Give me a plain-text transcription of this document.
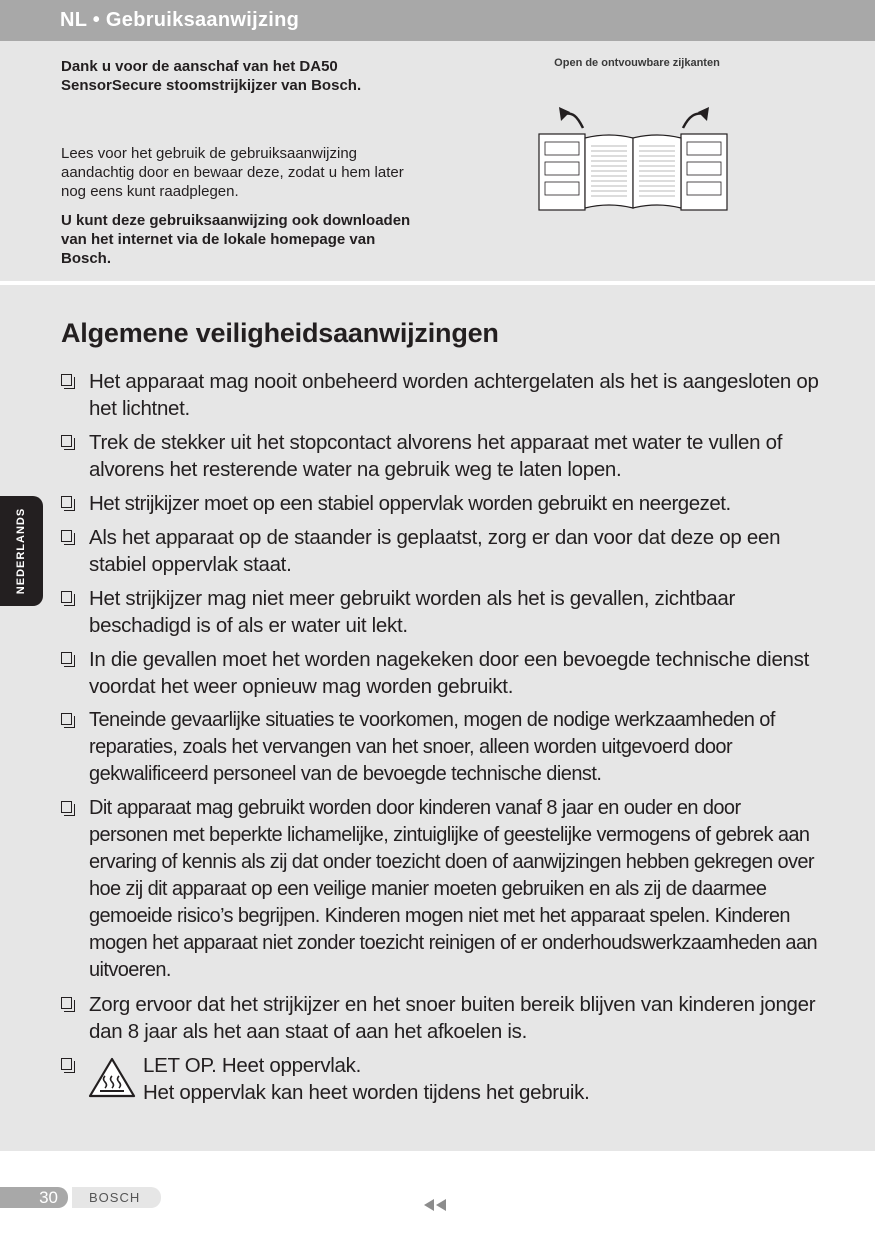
NL • Gebruiksaanwijzing

Dank u voor de aanschaf van het DA50 SensorSecure stoomstrijkijzer van Bosch.

Lees voor het gebruik de gebruiksaanwijzing aandachtig door en bewaar deze, zodat u hem later nog eens kunt raadplegen.

U kunt deze gebruiksaanwijzing ook downloaden van het internet via de lokale homepage van Bosch.

Open de ontvouwbare zijkanten
Algemene veiligheidsaanwijzingen
Het apparaat mag nooit onbeheerd worden achtergelaten als het is aangesloten op het lichtnet.
Trek de stekker uit het stopcontact alvorens het apparaat met water te vullen of alvorens het resterende water na gebruik weg te laten lopen.
Het strijkijzer moet op een stabiel oppervlak worden gebruikt en neergezet.
Als het apparaat op de staander is geplaatst, zorg er dan voor dat deze op een stabiel oppervlak staat.
Het strijkijzer mag niet meer gebruikt worden als het is gevallen, zichtbaar beschadigd is of als er water uit lekt.
In die gevallen moet het worden nagekeken door een bevoegde technische dienst voordat het weer opnieuw mag worden gebruikt.
Teneinde gevaarlijke situaties te voorkomen, mogen de nodige werkzaamheden of reparaties, zoals het vervangen van het snoer, alleen worden uitgevoerd door gekwalificeerd personeel van de bevoegde technische dienst.
Dit apparaat mag gebruikt worden door kinderen vanaf 8 jaar en ouder en door personen met beperkte lichamelijke, zintuiglijke of geestelijke vermogens of gebrek aan ervaring of kennis als zij dat onder toezicht doen of aanwijzingen hebben gekregen over hoe zij dit apparaat op een veilige manier moeten gebruiken en als zij de daarmee gemoeide risico’s begrijpen. Kinderen mogen niet met het apparaat spelen. Kinderen mogen het apparaat niet zonder toezicht reinigen of er onderhoudswerkzaamheden aan uitvoeren.
Zorg ervoor dat het strijkijzer en het snoer buiten bereik blijven van kinderen jonger dan 8 jaar als het aan staat of aan het afkoelen is.
LET OP. Heet oppervlak.
Het oppervlak kan heet worden tijdens het gebruik.
NEDERLANDS
30	BOSCH
